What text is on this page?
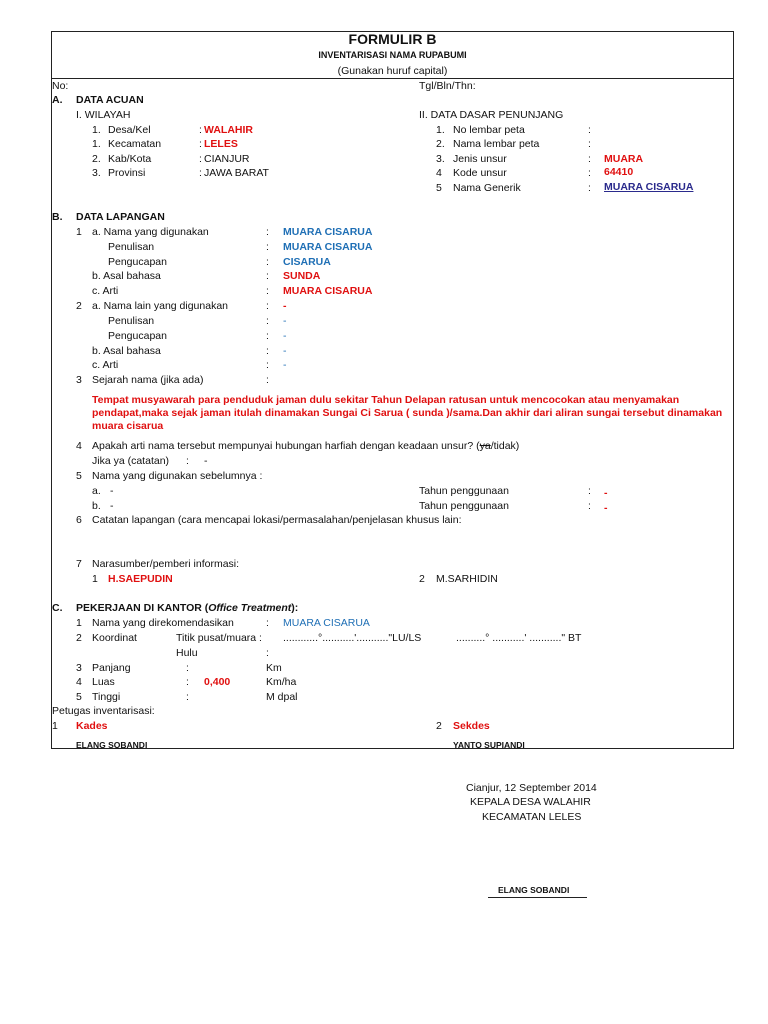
FORMULIR B
INVENTARISASI NAMA RUPABUMI
(Gunakan huruf capital)
No:	Tgl/Bln/Thn:
A. DATA ACUAN
I. WILAYAH	II. DATA DASAR PENUNJANG
1. Desa/Kel	: WALAHIR
1. Kecamatan	: LELES
2. Kab/Kota	: CIANJUR
3. Provinsi	: JAWA BARAT
1. No lembar peta	:
2. Nama lembar peta	:
3. Jenis unsur	: MUARA
4 Kode unsur	: 64410
5 Nama Generik	: MUARA CISARUA
B. DATA LAPANGAN
1 a. Nama yang digunakan	: MUARA CISARUA
Penulisan	: MUARA CISARUA
Pengucapan	: CISARUA
b. Asal bahasa	: SUNDA
c. Arti	: MUARA CISARUA
2 a. Nama lain yang digunakan	: -
Penulisan	: -
Pengucapan	: -
b. Asal bahasa	: -
c. Arti	: -
3 Sejarah nama (jika ada)	:
Tempat musyawarah para penduduk jaman dulu sekitar Tahun Delapan ratusan untuk mencocokan atau menyamakan pendapat,maka sejak jaman itulah dinamakan Sungai Ci Sarua ( sunda )/sama.Dan akhir dari aliran sungai tersebut dinamakan muara cisarua
4 Apakah arti nama tersebut mempunyai hubungan harfiah dengan keadaan unsur? (ya/tidak)
Jika ya (catatan) : -
5 Nama yang digunakan sebelumnya :
a. -	Tahun penggunaan	: -
b. -	Tahun penggunaan	: -
6 Catatan lapangan (cara mencapai lokasi/permasalahan/penjelasan khusus lain:
7 Narasumber/pemberi informasi:
1 H.SAEPUDIN	2 M.SARHIDIN
C. PEKERJAAN DI KANTOR (Office Treatment):
1 Nama yang direkomendasikan	: MUARA CISARUA
2 Koordinat	Titik pusat/muara : ............°...........'..........."LU/LS	..........° ...........' ..........." BT
Hulu	:
3 Panjang	:	Km
4 Luas	: 0,400	Km/ha
5 Tinggi	:	M dpal
Petugas inventarisasi:
1 Kades
ELANG SOBANDI
2 Sekdes
YANTO SUPIANDI
Cianjur, 12 September 2014
KEPALA DESA WALAHIR
KECAMATAN LELES
ELANG SOBANDI
